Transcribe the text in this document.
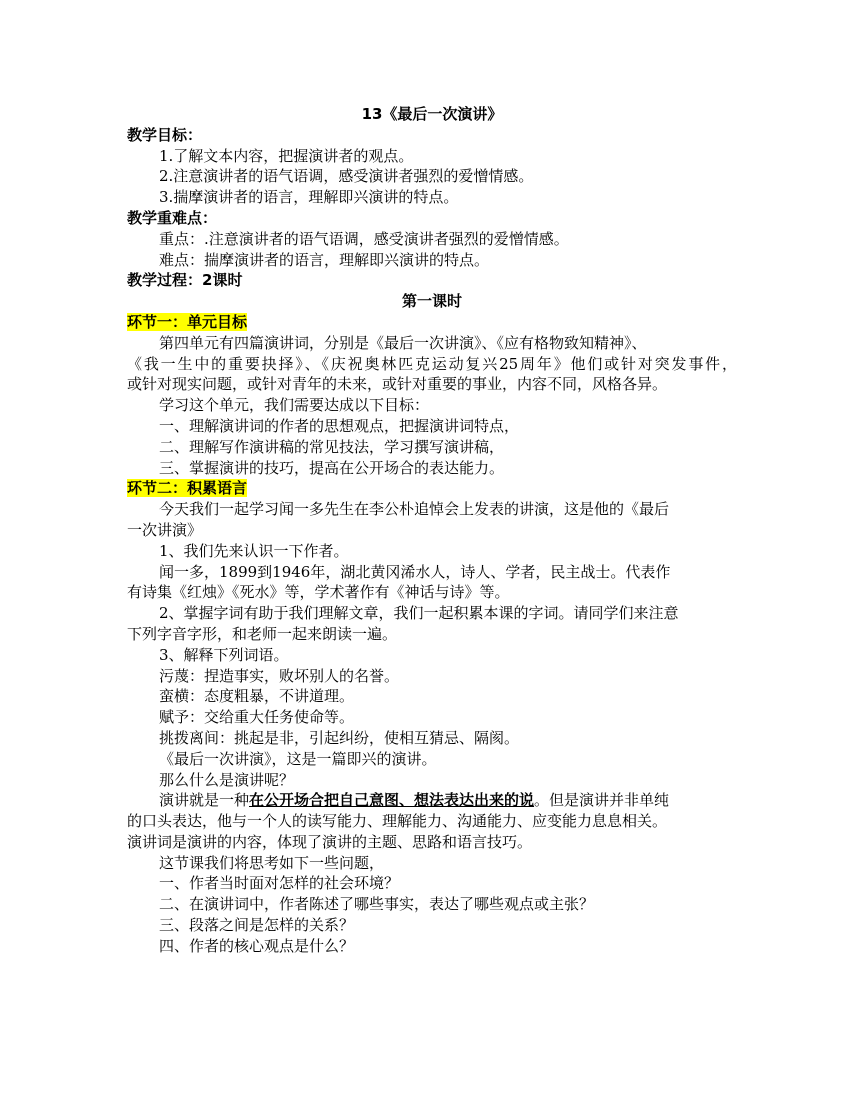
13《最后一次演讲》
教学目标：
1.了解文本内容，把握演讲者的观点。
2.注意演讲者的语气语调，感受演讲者强烈的爱憎情感。
3.揣摩演讲者的语言，理解即兴演讲的特点。
教学重难点：
重点：.注意演讲者的语气语调，感受演讲者强烈的爱憎情感。
难点：揣摩演讲者的语言，理解即兴演讲的特点。
教学过程：2课时
第一课时
环节一：单元目标
第四单元有四篇演讲词，分别是《最后一次讲演》、《应有格物致知精神》、
《我一生中的重要抉择》、《庆祝奥林匹克运动复兴25周年》他们或针对突发事件，
或针对现实问题，或针对青年的未来，或针对重要的事业，内容不同，风格各异。
学习这个单元，我们需要达成以下目标：
一、理解演讲词的作者的思想观点，把握演讲词特点，
二、理解写作演讲稿的常见技法，学习撰写演讲稿，
三、掌握演讲的技巧，提高在公开场合的表达能力。
环节二：积累语言
今天我们一起学习闻一多先生在李公朴追悼会上发表的讲演，这是他的《最后
一次讲演》
1、我们先来认识一下作者。
闻一多，1899到1946年，湖北黄冈浠水人，诗人、学者，民主战士。代表作
有诗集《红烛》《死水》等，学术著作有《神话与诗》等。
2、掌握字词有助于我们理解文章，我们一起积累本课的字词。请同学们来注意
下列字音字形，和老师一起来朗读一遍。
3、解释下列词语。
污蔑：捏造事实，败坏别人的名誉。
蛮横：态度粗暴，不讲道理。
赋予：交给重大任务使命等。
挑拨离间：挑起是非，引起纠纷，使相互猜忌、隔阂。
《最后一次讲演》，这是一篇即兴的演讲。
那么什么是演讲呢？
演讲就是一种在公开场合把自己意图、想法表达出来的说。但是演讲并非单纯
的口头表达，他与一个人的读写能力、理解能力、沟通能力、应变能力息息相关。
演讲词是演讲的内容，体现了演讲的主题、思路和语言技巧。
这节课我们将思考如下一些问题，
一、作者当时面对怎样的社会环境？
二、在演讲词中，作者陈述了哪些事实，表达了哪些观点或主张？
三、段落之间是怎样的关系？
四、作者的核心观点是什么？
